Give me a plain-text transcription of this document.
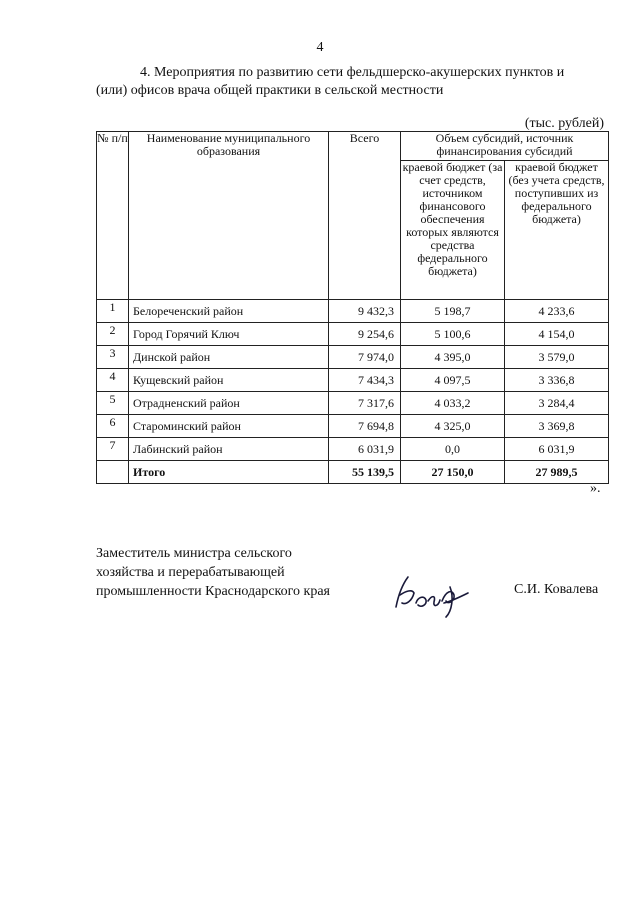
4
4. Мероприятия по развитию сети фельдшерско-акушерских пунктов и
(или) офисов врача общей практики в сельской местности
(тыс. рублей)
№ п/п	Наименование муниципального образования	Всего	Объем субсидий, источник финансирования субсидий	
			краевой бюджет (за счет средств, источником финансового обеспечения которых являются средства федерального бюджета)	краевой бюджет (без учета средств, поступивших из федерального бюджета)
1	Белореченский район	9 432,3	5 198,7	4 233,6
2	Город Горячий Ключ	9 254,6	5 100,6	4 154,0
3	Динской район	7 974,0	4 395,0	3 579,0
4	Кущевский район	7 434,3	4 097,5	3 336,8
5	Отрадненский район	7 317,6	4 033,2	3 284,4
6	Староминский район	7 694,8	4 325,0	3 369,8
7	Лабинский район	6 031,9	0,0	6 031,9
	Итого	55 139,5	27 150,0	27 989,5
».
Заместитель министра сельского
хозяйства и перерабатывающей
промышленности Краснодарского края	С.И. Ковалева
